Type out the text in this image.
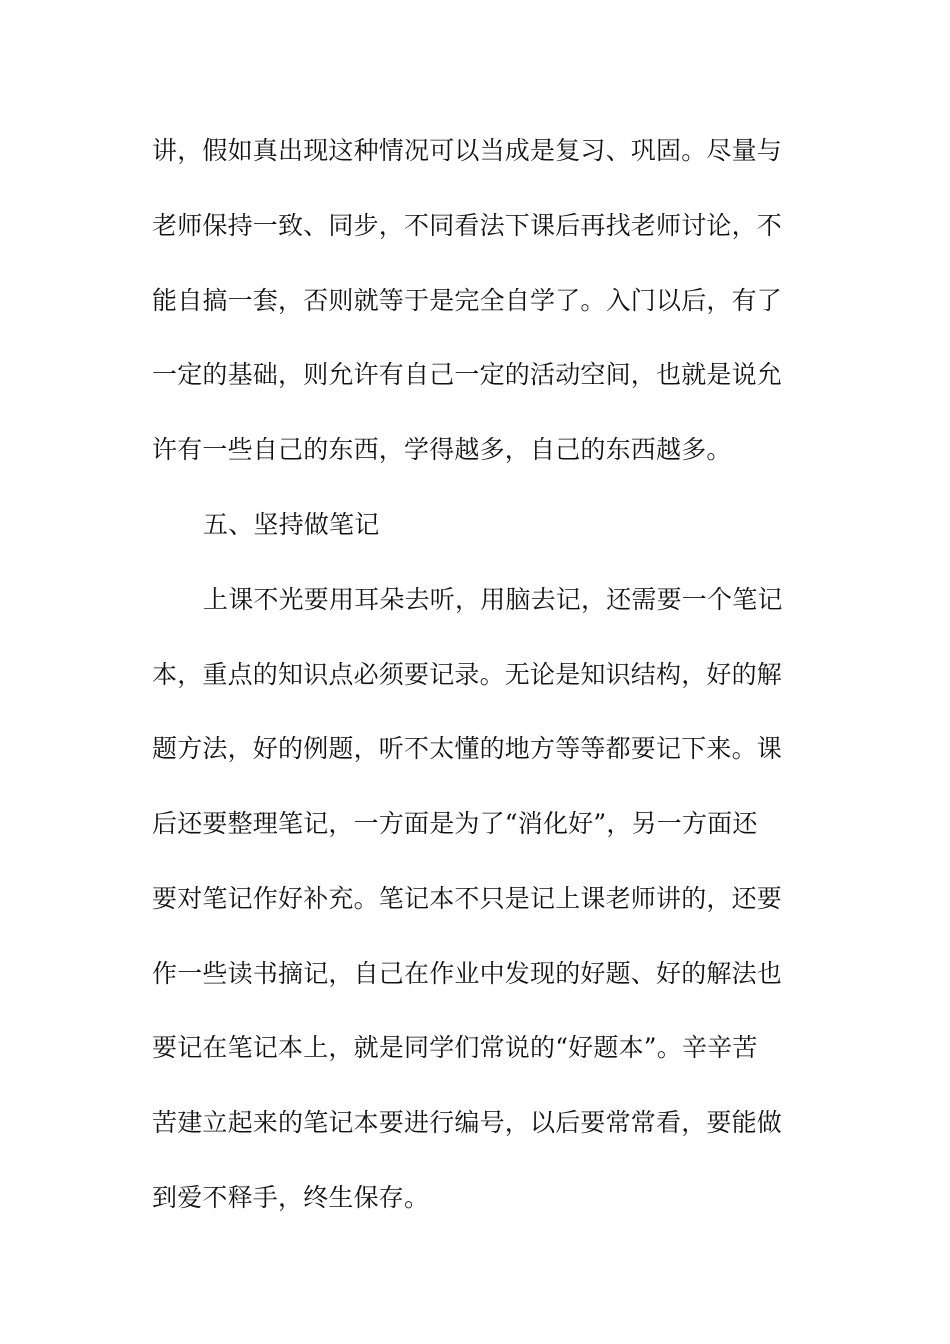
讲，假如真出现这种情况可以当成是复习、巩固。尽量与
老师保持一致、同步，不同看法下课后再找老师讨论，不
能自搞一套，否则就等于是完全自学了。入门以后，有了
一定的基础，则允许有自己一定的活动空间，也就是说允
许有一些自己的东西，学得越多，自己的东西越多。
五、坚持做笔记
上课不光要用耳朵去听，用脑去记，还需要一个笔记
本，重点的知识点必须要记录。无论是知识结构，好的解
题方法，好的例题，听不太懂的地方等等都要记下来。课
后还要整理笔记，一方面是为了“消化好”，另一方面还
要对笔记作好补充。笔记本不只是记上课老师讲的，还要
作一些读书摘记，自己在作业中发现的好题、好的解法也
要记在笔记本上，就是同学们常说的“好题本”。辛辛苦
苦建立起来的笔记本要进行编号，以后要常常看，要能做
到爱不释手，终生保存。
